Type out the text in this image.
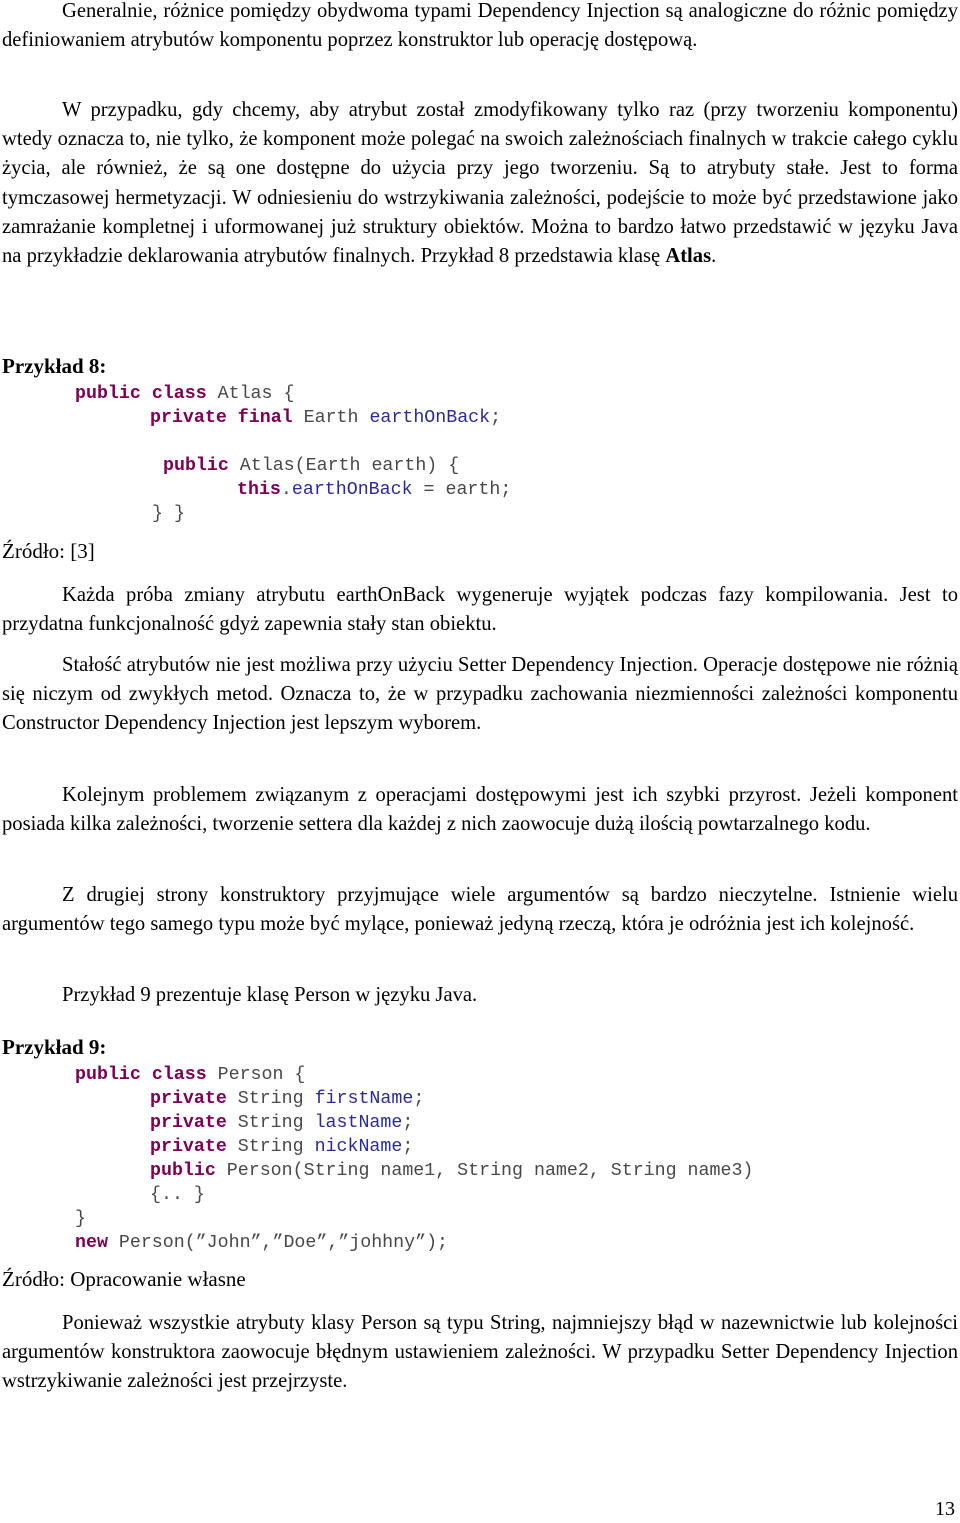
Generalnie, różnice pomiędzy obydwoma typami Dependency Injection są analogiczne do różnic pomiędzy definiowaniem atrybutów komponentu poprzez konstruktor lub operację dostępową.

W przypadku, gdy chcemy, aby atrybut został zmodyfikowany tylko raz (przy tworzeniu komponentu) wtedy oznacza to, nie tylko, że komponent może polegać na swoich zależnościach finalnych w trakcie całego cyklu życia, ale również, że są one dostępne do użycia przy jego tworzeniu. Są to atrybuty stałe. Jest to forma tymczasowej hermetyzacji. W odniesieniu do wstrzykiwania zależności, podejście to może być przedstawione jako zamrażanie kompletnej i uformowanej już struktury obiektów. Można to bardzo łatwo przedstawić w języku Java na przykładzie deklarowania atrybutów finalnych. Przykład 8 przedstawia klasę Atlas.

Przykład 8:

public class Atlas {
private final Earth earthOnBack;
public Atlas(Earth earth) {
this.earthOnBack = earth;
} }

Źródło: [3]

Każda próba zmiany atrybutu earthOnBack wygeneruje wyjątek podczas fazy kompilowania. Jest to przydatna funkcjonalność gdyż zapewnia stały stan obiektu.

Stałość atrybutów nie jest możliwa przy użyciu Setter Dependency Injection. Operacje dostępowe nie różnią się niczym od zwykłych metod. Oznacza to, że w przypadku zachowania niezmienności zależności komponentu Constructor Dependency Injection jest lepszym wyborem.

Kolejnym problemem związanym z operacjami dostępowymi jest ich szybki przyrost. Jeżeli komponent posiada kilka zależności, tworzenie settera dla każdej z nich zaowocuje dużą ilością powtarzalnego kodu.

Z drugiej strony konstruktory przyjmujące wiele argumentów są bardzo nieczytelne. Istnienie wielu argumentów tego samego typu może być mylące, ponieważ jedyną rzeczą, która je odróżnia jest ich kolejność.

Przykład 9 prezentuje klasę Person w języku Java.

Przykład 9:

public class Person {
private String firstName;
private String lastName;
private String nickName;
public Person(String name1, String name2, String name3)
{.. }
}
new Person(”John”,”Doe”,”johhny”);

Źródło: Opracowanie własne

Ponieważ wszystkie atrybuty klasy Person są typu String, najmniejszy błąd w nazewnictwie lub kolejności argumentów konstruktora zaowocuje błędnym ustawieniem zależności. W przypadku Setter Dependency Injection wstrzykiwanie zależności jest przejrzyste.

13
